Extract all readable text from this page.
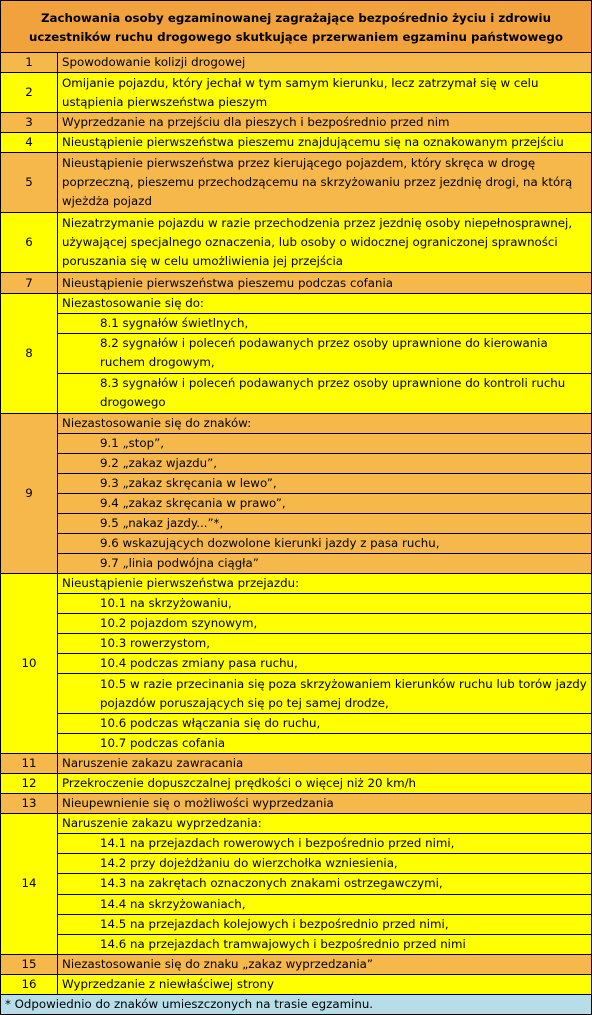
Zachowania osoby egzaminowanej zagrażające bezpośrednio życiu i zdrowiu uczestników ruchu drogowego skutkujące przerwaniem egzaminu państwowego	
1	Spowodowanie kolizji drogowej
2	Omijanie pojazdu, który jechał w tym samym kierunku, lecz zatrzymał się w celu ustąpienia pierwszeństwa pieszym
3	Wyprzedzanie na przejściu dla pieszych i bezpośrednio przed nim
4	Nieustąpienie pierwszeństwa pieszemu znajdującemu się na oznakowanym przejściu
5	Nieustąpienie pierwszeństwa przez kierującego pojazdem, który skręca w drogę poprzeczną, pieszemu przechodzącemu na skrzyżowaniu przez jezdnię drogi, na którą wjeżdża pojazd
6	Niezatrzymanie pojazdu w razie przechodzenia przez jezdnię osoby niepełnosprawnej, używającej specjalnego oznaczenia, lub osoby o widocznej ograniczonej sprawności poruszania się w celu umożliwienia jej przejścia
7	Nieustąpienie pierwszeństwa pieszemu podczas cofania
8	Niezastosowanie się do:
	8.1 sygnałów świetlnych,
	8.2 sygnałów i poleceń podawanych przez osoby uprawnione do kierowania ruchem drogowym,
	8.3 sygnałów i poleceń podawanych przez osoby uprawnione do kontroli ruchu drogowego
9	Niezastosowanie się do znaków:
	9.1 „stop”,
	9.2 „zakaz wjazdu”,
	9.3 „zakaz skręcania w lewo”,
	9.4 „zakaz skręcania w prawo”,
	9.5 „nakaz jazdy...”*,
	9.6 wskazujących dozwolone kierunki jazdy z pasa ruchu,
	9.7 „linia podwójna ciągła”
10	Nieustąpienie pierwszeństwa przejazdu:
	10.1 na skrzyżowaniu,
	10.2 pojazdom szynowym,
	10.3 rowerzystom,
	10.4 podczas zmiany pasa ruchu,
	10.5 w razie przecinania się poza skrzyżowaniem kierunków ruchu lub torów jazdy pojazdów poruszających się po tej samej drodze,
	10.6 podczas włączania się do ruchu,
	10.7 podczas cofania
11	Naruszenie zakazu zawracania
12	Przekroczenie dopuszczalnej prędkości o więcej niż 20 km/h
13	Nieupewnienie się o możliwości wyprzedzania
14	Naruszenie zakazu wyprzedzania:
	14.1 na przejazdach rowerowych i bezpośrednio przed nimi,
	14.2 przy dojeżdżaniu do wierzchołka wzniesienia,
	14.3 na zakrętach oznaczonych znakami ostrzegawczymi,
	14.4 na skrzyżowaniach,
	14.5 na przejazdach kolejowych i bezpośrednio przed nimi,
	14.6 na przejazdach tramwajowych i bezpośrednio przed nimi
15	Niezastosowanie się do znaku „zakaz wyprzedzania”
16	Wyprzedzanie z niewłaściwej strony
* Odpowiednio do znaków umieszczonych na trasie egzaminu.	
